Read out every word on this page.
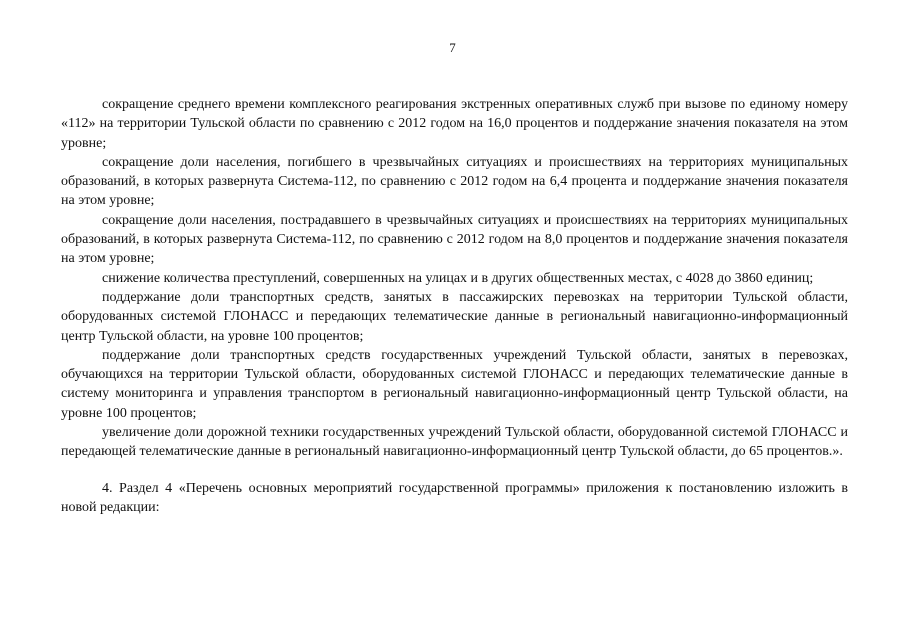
7

сокращение среднего времени комплексного реагирования экстренных оперативных служб при вызове по единому номеру «112» на территории Тульской области по сравнению с 2012 годом на 16,0 процентов и поддержание значения показателя на этом уровне;

сокращение доли населения, погибшего в чрезвычайных ситуациях и происшествиях на территориях муниципальных образований, в которых развернута Система-112, по сравнению с 2012 годом на 6,4 процента и поддержание значения показателя на этом уровне;

сокращение доли населения, пострадавшего в чрезвычайных ситуациях и происшествиях на территориях муниципальных образований, в которых развернута Система-112, по сравнению с 2012 годом на 8,0 процентов и поддержание значения показателя на этом уровне;

снижение количества преступлений, совершенных на улицах и в других общественных местах, с 4028 до 3860 единиц;

поддержание доли транспортных средств, занятых в пассажирских перевозках на территории Тульской области, оборудованных системой ГЛОНАСС и передающих телематические данные в региональный навигационно-информационный центр Тульской области, на уровне 100 процентов;

поддержание доли транспортных средств государственных учреждений Тульской области, занятых в перевозках, обучающихся на территории Тульской области, оборудованных системой ГЛОНАСС и передающих телематические данные в систему мониторинга и управления транспортом в региональный навигационно-информационный центр Тульской области, на уровне 100 процентов;

увеличение доли дорожной техники государственных учреждений Тульской области, оборудованной системой ГЛОНАСС и передающей телематические данные в региональный навигационно-информационный центр Тульской области, до 65 процентов.».

4. Раздел 4 «Перечень основных мероприятий государственной программы» приложения к постановлению изложить в новой редакции:
